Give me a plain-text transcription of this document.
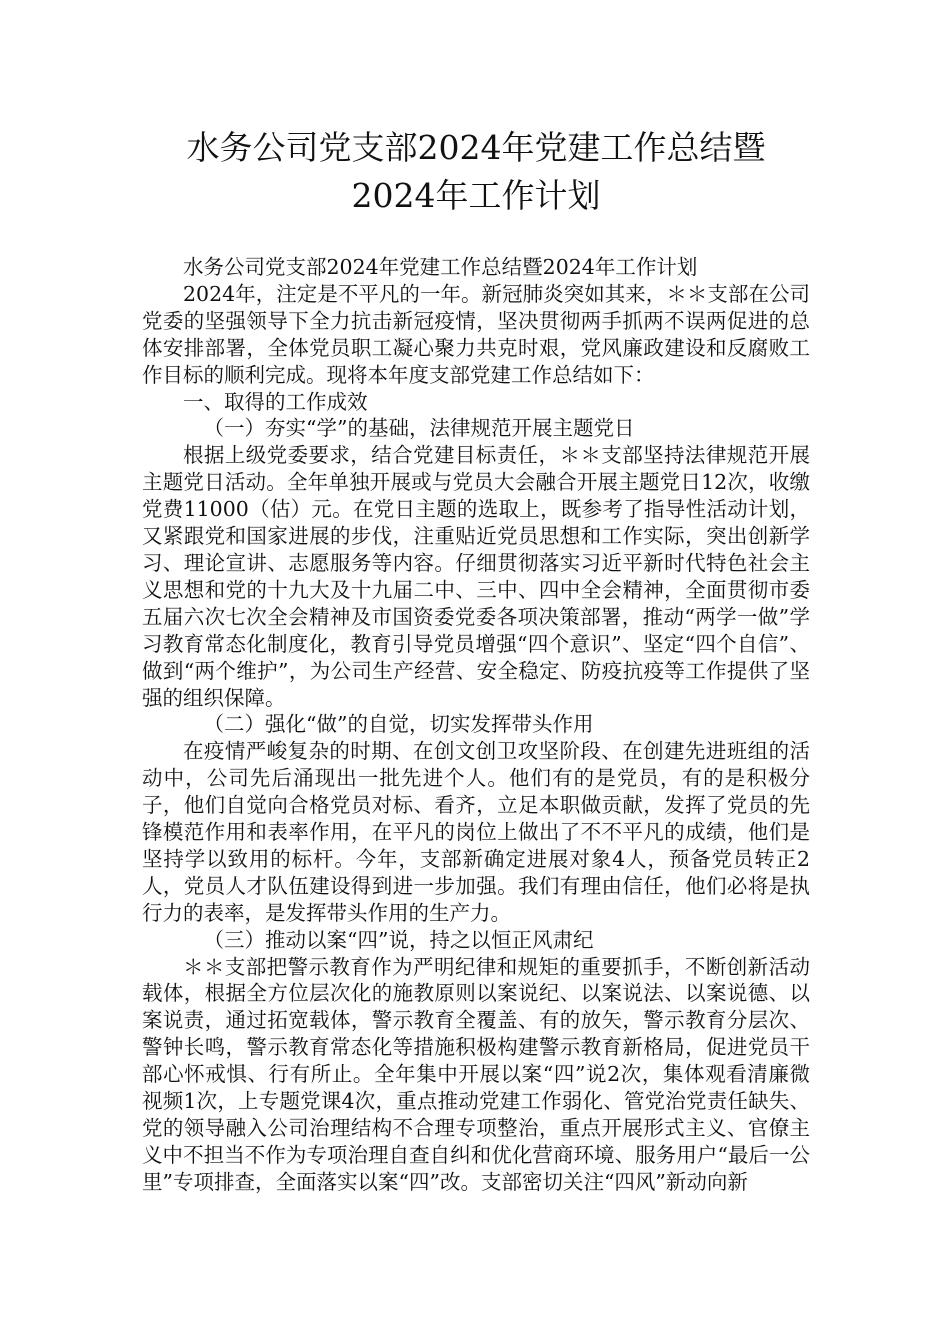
水务公司党支部2024年党建工作总结暨
2024年工作计划

水务公司党支部2024年党建工作总结暨2024年工作计划

2024年，注定是不平凡的一年。新冠肺炎突如其来，＊＊支部在公司党委的坚强领导下全力抗击新冠疫情，坚决贯彻两手抓两不误两促进的总体安排部署，全体党员职工凝心聚力共克时艰，党风廉政建设和反腐败工作目标的顺利完成。现将本年度支部党建工作总结如下：

一、取得的工作成效

（一）夯实“学”的基础，法律规范开展主题党日

根据上级党委要求，结合党建目标责任，＊＊支部坚持法律规范开展主题党日活动。全年单独开展或与党员大会融合开展主题党日12次，收缴党费11000（估）元。在党日主题的选取上，既参考了指导性活动计划，又紧跟党和国家进展的步伐，注重贴近党员思想和工作实际，突出创新学习、理论宣讲、志愿服务等内容。仔细贯彻落实习近平新时代特色社会主义思想和党的十九大及十九届二中、三中、四中全会精神，全面贯彻市委五届六次七次全会精神及市国资委党委各项决策部署，推动“两学一做”学习教育常态化制度化，教育引导党员增强“四个意识”、坚定“四个自信”、做到“两个维护”，为公司生产经营、安全稳定、防疫抗疫等工作提供了坚强的组织保障。

（二）强化“做”的自觉，切实发挥带头作用

在疫情严峻复杂的时期、在创文创卫攻坚阶段、在创建先进班组的活动中，公司先后涌现出一批先进个人。他们有的是党员，有的是积极分子，他们自觉向合格党员对标、看齐，立足本职做贡献，发挥了党员的先锋模范作用和表率作用，在平凡的岗位上做出了不不平凡的成绩，他们是坚持学以致用的标杆。今年，支部新确定进展对象4人，预备党员转正2人，党员人才队伍建设得到进一步加强。我们有理由信任，他们必将是执行力的表率，是发挥带头作用的生产力。

（三）推动以案“四”说，持之以恒正风肃纪

＊＊支部把警示教育作为严明纪律和规矩的重要抓手，不断创新活动载体，根据全方位层次化的施教原则以案说纪、以案说法、以案说德、以案说责，通过拓宽载体，警示教育全覆盖、有的放矢，警示教育分层次、警钟长鸣，警示教育常态化等措施积极构建警示教育新格局，促进党员干部心怀戒惧、行有所止。全年集中开展以案“四”说2次，集体观看清廉微视频1次，上专题党课4次，重点推动党建工作弱化、管党治党责任缺失、党的领导融入公司治理结构不合理专项整治，重点开展形式主义、官僚主义中不担当不作为专项治理自查自纠和优化营商环境、服务用户“最后一公里”专项排查，全面落实以案“四”改。支部密切关注“四风”新动向新
